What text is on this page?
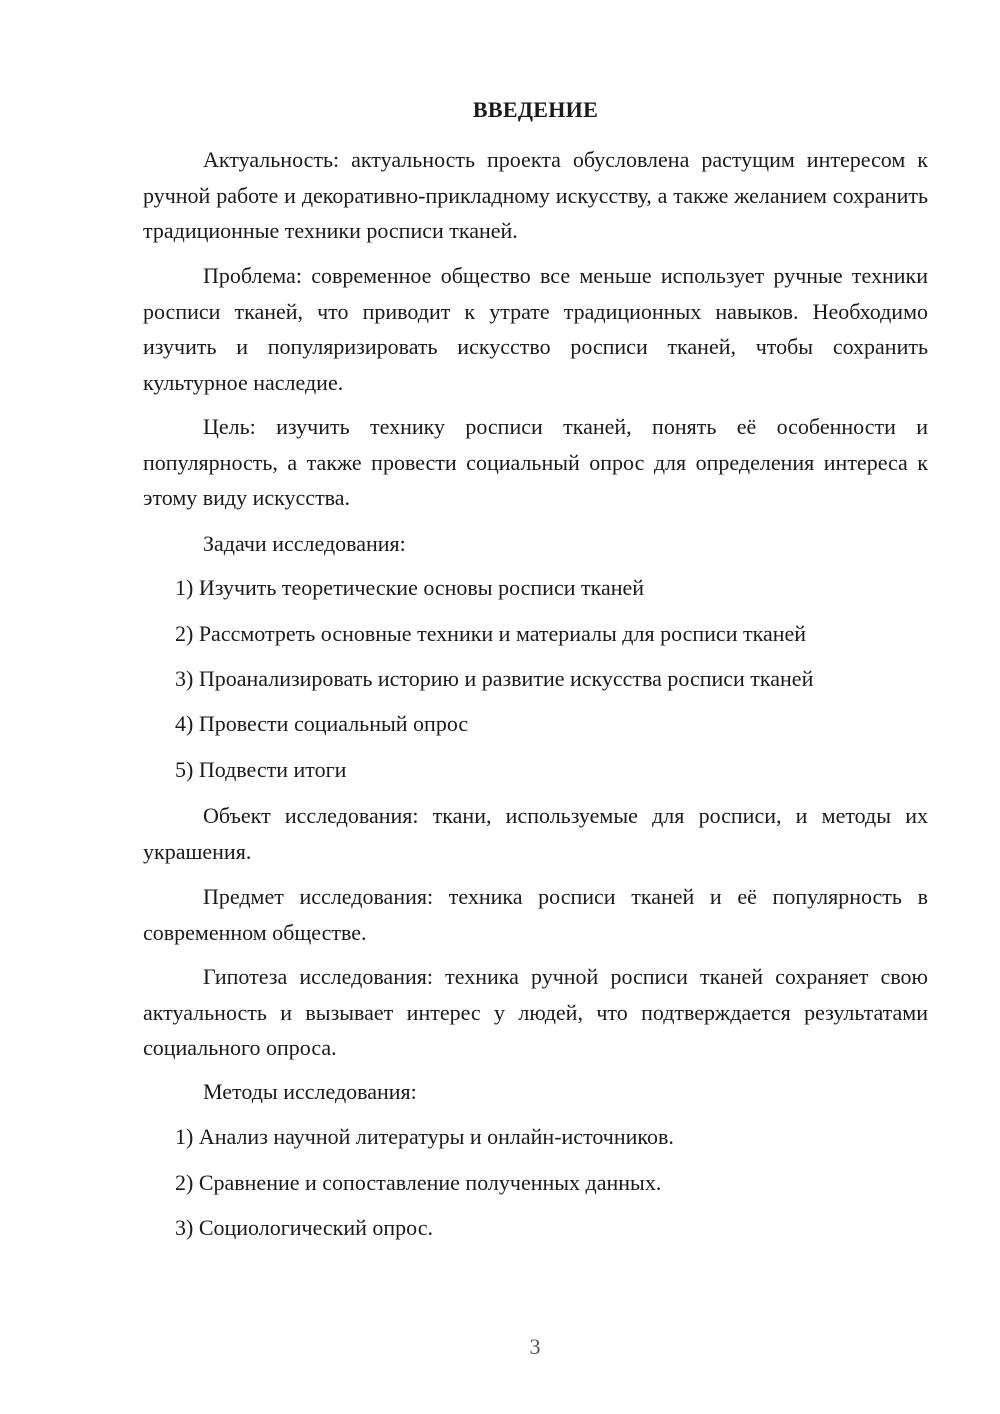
ВВЕДЕНИЕ

Актуальность: актуальность проекта обусловлена растущим интересом к ручной работе и декоративно-прикладному искусству, а также желанием сохранить традиционные техники росписи тканей.

Проблема: современное общество все меньше использует ручные техники росписи тканей, что приводит к утрате традиционных навыков. Необходимо изучить и популяризировать искусство росписи тканей, чтобы сохранить культурное наследие.

Цель: изучить технику росписи тканей, понять её особенности и популярность, а также провести социальный опрос для определения интереса к этому виду искусства.

Задачи исследования:

1) Изучить теоретические основы росписи тканей

2) Рассмотреть основные техники и материалы для росписи тканей

3) Проанализировать историю и развитие искусства росписи тканей

4) Провести социальный опрос

5) Подвести итоги

Объект исследования: ткани, используемые для росписи, и методы их украшения.

Предмет исследования: техника росписи тканей и её популярность в современном обществе.

Гипотеза исследования: техника ручной росписи тканей сохраняет свою актуальность и вызывает интерес у людей, что подтверждается результатами социального опроса.

Методы исследования:

1) Анализ научной литературы и онлайн-источников.

2) Сравнение и сопоставление полученных данных.

3) Социологический опрос.

3
